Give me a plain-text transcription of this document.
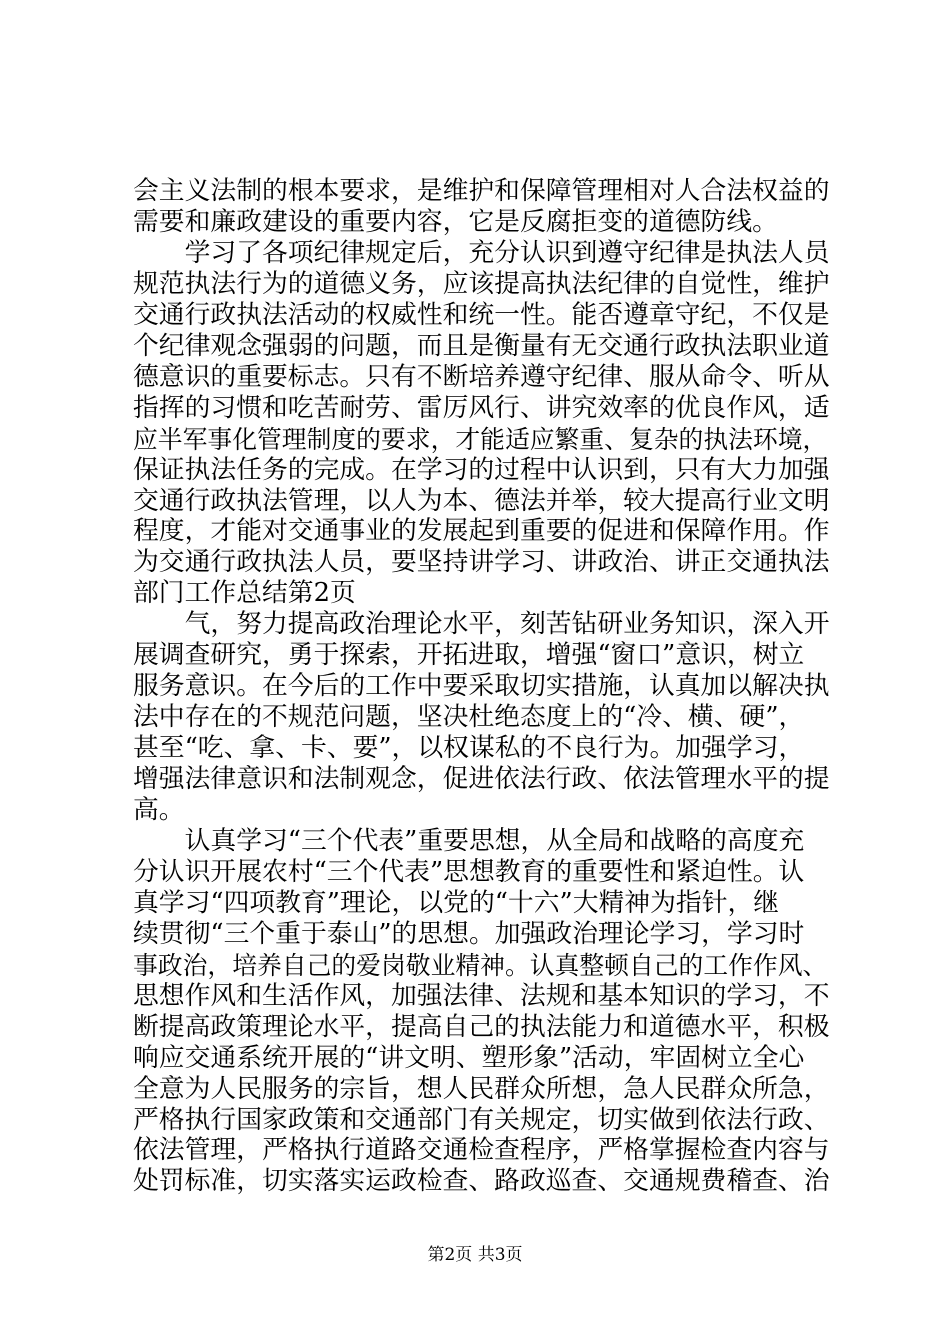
会主义法制的根本要求，是维护和保障管理相对人合法权益的
需要和廉政建设的重要内容，它是反腐拒变的道德防线。
　　学习了各项纪律规定后，充分认识到遵守纪律是执法人员
规范执法行为的道德义务，应该提高执法纪律的自觉性，维护
交通行政执法活动的权威性和统一性。能否遵章守纪，不仅是
个纪律观念强弱的问题，而且是衡量有无交通行政执法职业道
德意识的重要标志。只有不断培养遵守纪律、服从命令、听从
指挥的习惯和吃苦耐劳、雷厉风行、讲究效率的优良作风，适
应半军事化管理制度的要求，才能适应繁重、复杂的执法环境，
保证执法任务的完成。在学习的过程中认识到，只有大力加强
交通行政执法管理，以人为本、德法并举，较大提高行业文明
程度，才能对交通事业的发展起到重要的促进和保障作用。作
为交通行政执法人员，要坚持讲学习、讲政治、讲正交通执法
部门工作总结第2页
　　气，努力提高政治理论水平，刻苦钻研业务知识，深入开
展调查研究，勇于探索，开拓进取，增强“窗口”意识，树立
服务意识。在今后的工作中要采取切实措施，认真加以解决执
法中存在的不规范问题，坚决杜绝态度上的“冷、横、硬”，
甚至“吃、拿、卡、要”，以权谋私的不良行为。加强学习，
增强法律意识和法制观念，促进依法行政、依法管理水平的提
高。
　　认真学习“三个代表”重要思想，从全局和战略的高度充
分认识开展农村“三个代表”思想教育的重要性和紧迫性。认
真学习“四项教育”理论，以党的“十六”大精神为指针，继
续贯彻“三个重于泰山”的思想。加强政治理论学习，学习时
事政治，培养自己的爱岗敬业精神。认真整顿自己的工作作风、
思想作风和生活作风，加强法律、法规和基本知识的学习，不
断提高政策理论水平，提高自己的执法能力和道德水平，积极
响应交通系统开展的“讲文明、塑形象”活动，牢固树立全心
全意为人民服务的宗旨，想人民群众所想，急人民群众所急，
严格执行国家政策和交通部门有关规定，切实做到依法行政、
依法管理，严格执行道路交通检查程序，严格掌握检查内容与
处罚标准，切实落实运政检查、路政巡查、交通规费稽查、治
第2页 共3页
